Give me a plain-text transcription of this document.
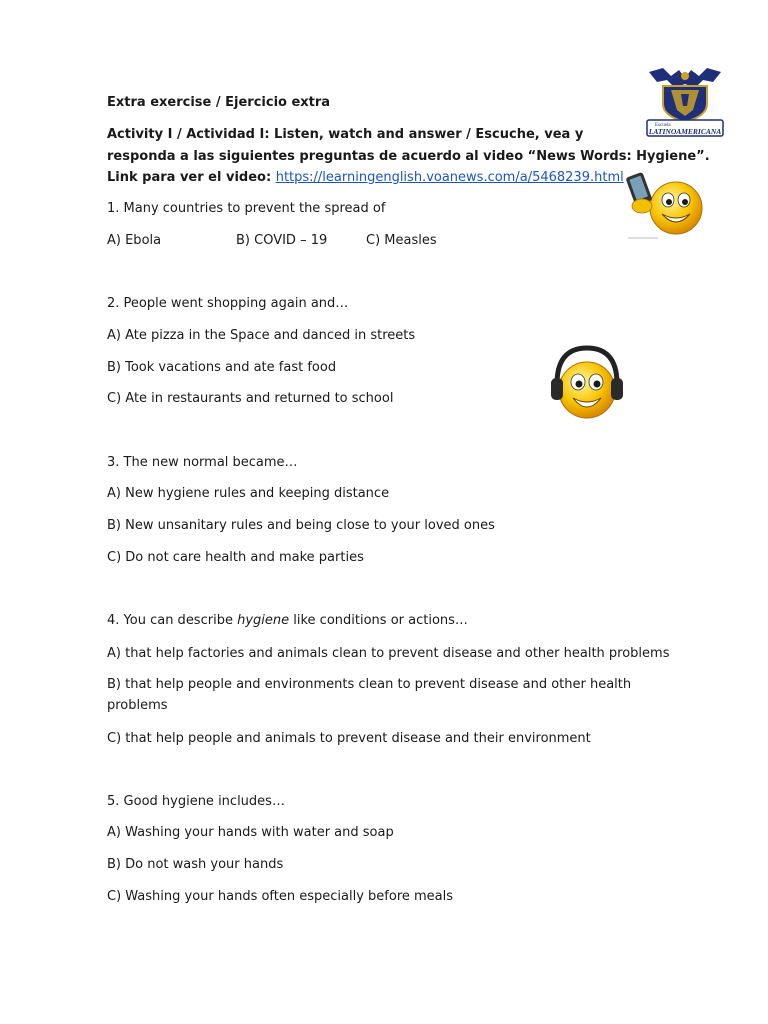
Extra exercise / Ejercicio extra
Activity I / Actividad I: Listen, watch and answer / Escuche, vea y
responda a las siguientes preguntas de acuerdo al video “News Words: Hygiene”.
Link para ver el video: https://learningenglish.voanews.com/a/5468239.html
1. Many countries to prevent the spread of
A) Ebola	B) COVID – 19	C) Measles
2. People went shopping again and…
A) Ate pizza in the Space and danced in streets
B) Took vacations and ate fast food
C) Ate in restaurants and returned to school
3. The new normal became…
A) New hygiene rules and keeping distance
B) New unsanitary rules and being close to your loved ones
C) Do not care health and make parties
4. You can describe hygiene like conditions or actions…
A) that help factories and animals clean to prevent disease and other health problems
B) that help people and environments clean to prevent disease and other health problems
C) that help people and animals to prevent disease and their environment
5. Good hygiene includes…
A) Washing your hands with water and soap
B) Do not wash your hands
C) Washing your hands often especially before meals
Escuela
LATINOAMERICANA
